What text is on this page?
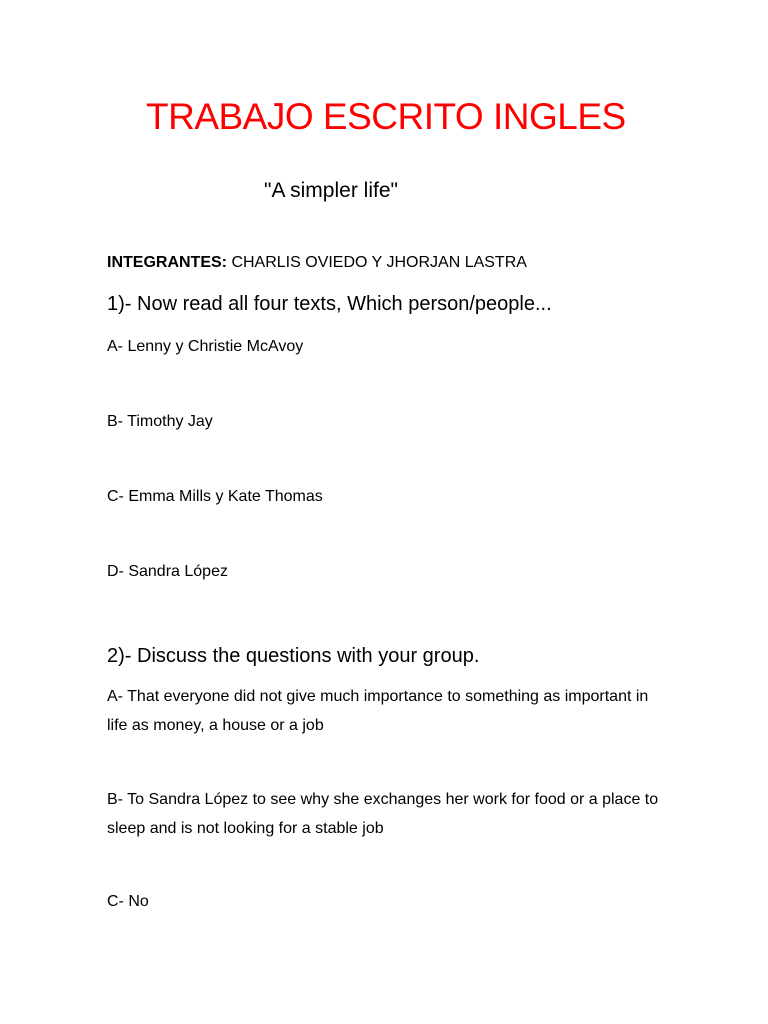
TRABAJO ESCRITO INGLES

"A simpler life"

INTEGRANTES: CHARLIS OVIEDO Y JHORJAN LASTRA

1)- Now read all four texts, Which person/people...

A- Lenny y Christie McAvoy

B- Timothy Jay

C- Emma Mills y Kate Thomas

D- Sandra López

2)- Discuss the questions with your group.

A- That everyone did not give much importance to something as important in life as money, a house or a job

B- To Sandra López to see why she exchanges her work for food or a place to sleep and is not looking for a stable job

C- No
